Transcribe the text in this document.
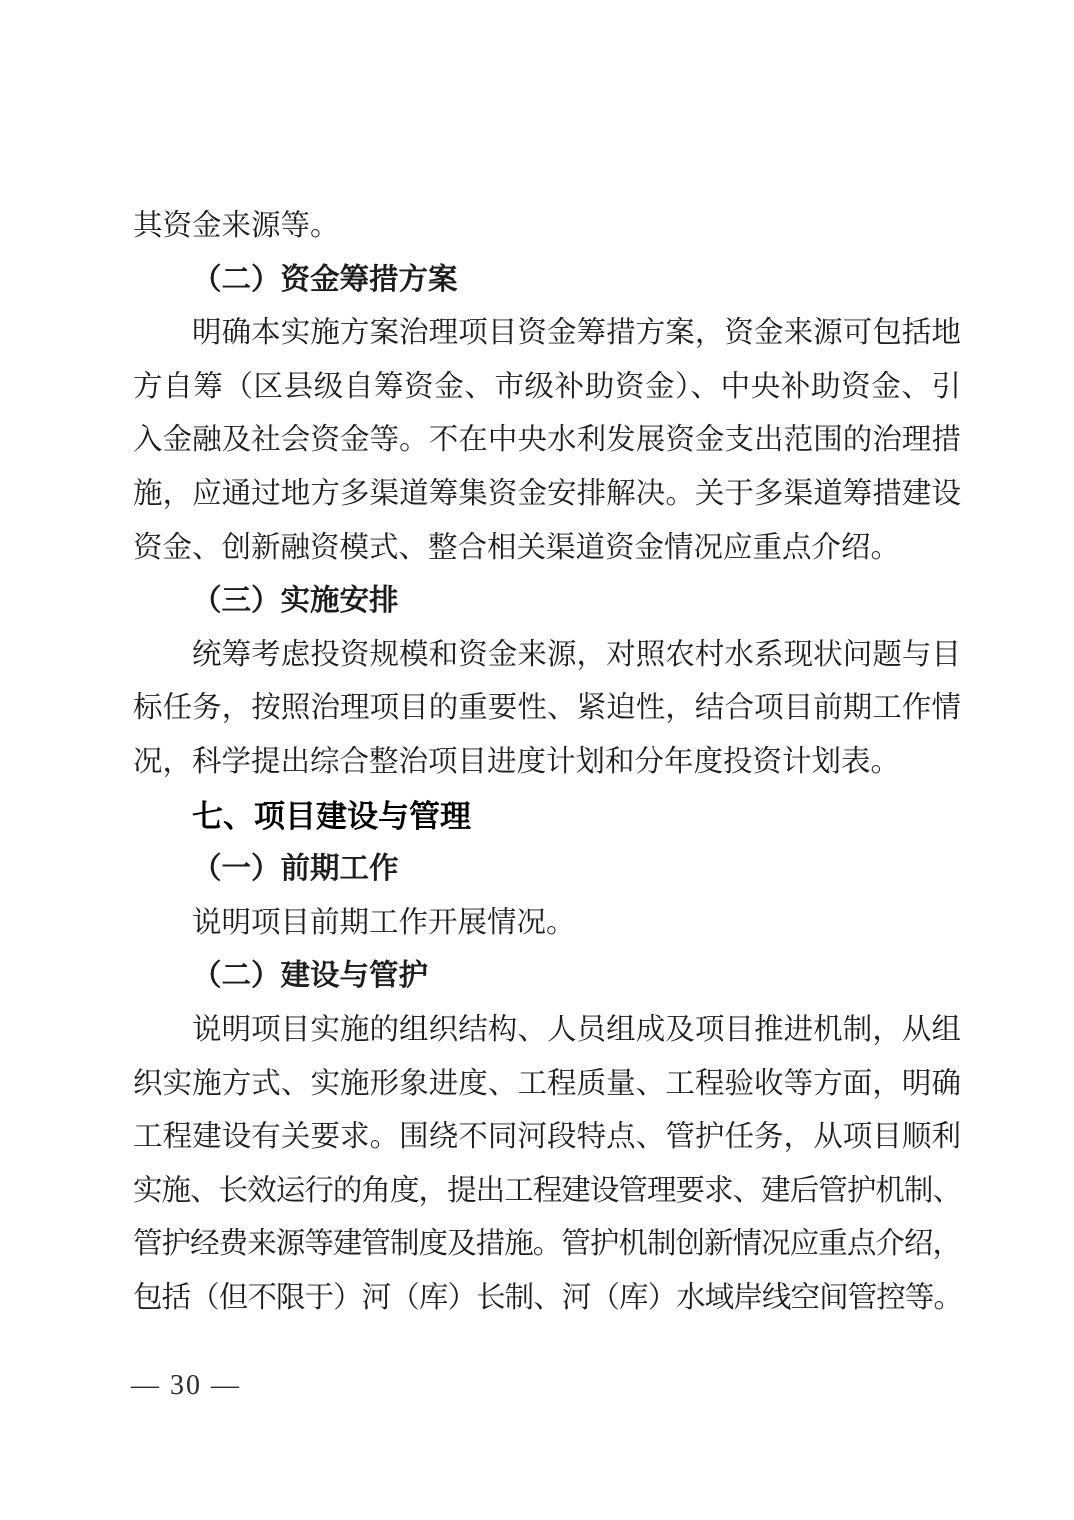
其资金来源等。
（二）资金筹措方案
明确本实施方案治理项目资金筹措方案，资金来源可包括地
方自筹（区县级自筹资金、市级补助资金）、中央补助资金、引
入金融及社会资金等。不在中央水利发展资金支出范围的治理措
施，应通过地方多渠道筹集资金安排解决。关于多渠道筹措建设
资金、创新融资模式、整合相关渠道资金情况应重点介绍。
（三）实施安排
统筹考虑投资规模和资金来源，对照农村水系现状问题与目
标任务，按照治理项目的重要性、紧迫性，结合项目前期工作情
况，科学提出综合整治项目进度计划和分年度投资计划表。
七、项目建设与管理
（一）前期工作
说明项目前期工作开展情况。
（二）建设与管护
说明项目实施的组织结构、人员组成及项目推进机制，从组
织实施方式、实施形象进度、工程质量、工程验收等方面，明确
工程建设有关要求。围绕不同河段特点、管护任务，从项目顺利
实施、长效运行的角度，提出工程建设管理要求、建后管护机制、
管护经费来源等建管制度及措施。管护机制创新情况应重点介绍，
包括（但不限于）河（库）长制、河（库）水域岸线空间管控等。
— 30 —
